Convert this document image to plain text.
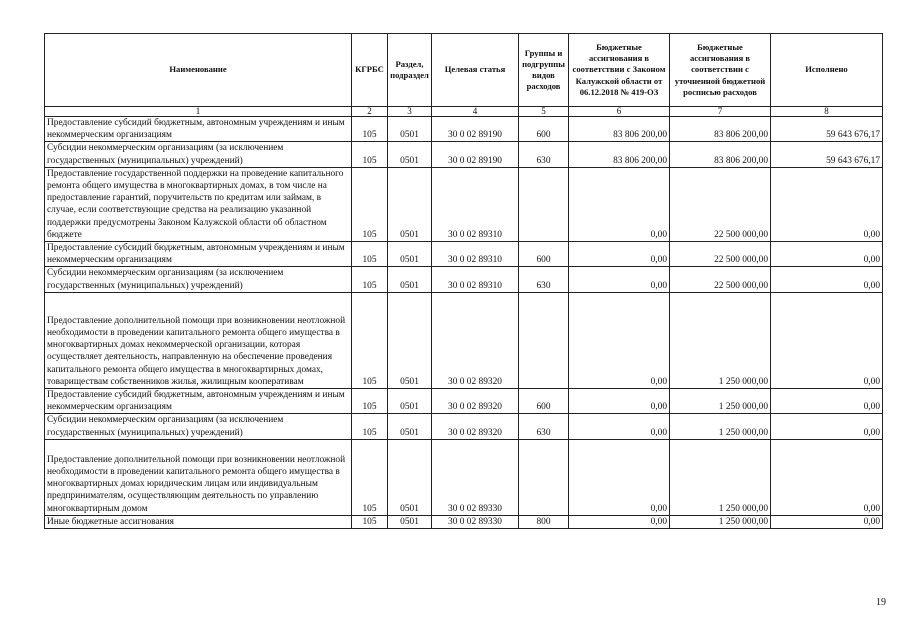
Наименование	КГРБС	Раздел, подраздел	Целевая статья	Группы и подгруппы видов расходов	Бюджетные ассигнования в соответствии с Законом Калужской области от 06.12.2018 № 419-ОЗ	Бюджетные ассигнования в соответствии с уточненной бюджетной росписью расходов	Исполнено
1	2	3	4	5	6	7	8
Предоставление субсидий бюджетным, автономным учреждениям и иным некоммерческим организациям	105	0501	30 0 02 89190	600	83 806 200,00	83 806 200,00	59 643 676,17
Субсидии некоммерческим организациям (за исключением государственных (муниципальных) учреждений)	105	0501	30 0 02 89190	630	83 806 200,00	83 806 200,00	59 643 676,17
Предоставление государственной поддержки на проведение капитального ремонта общего имущества в многоквартирных домах, в том числе на предоставление гарантий, поручительств по кредитам или займам, в случае, если соответствующие средства на реализацию указанной поддержки предусмотрены Законом Калужской области об областном бюджете	105	0501	30 0 02 89310		0,00	22 500 000,00	0,00
Предоставление субсидий бюджетным, автономным учреждениям и иным некоммерческим организациям	105	0501	30 0 02 89310	600	0,00	22 500 000,00	0,00
Субсидии некоммерческим организациям (за исключением государственных (муниципальных) учреждений)	105	0501	30 0 02 89310	630	0,00	22 500 000,00	0,00
Предоставление дополнительной помощи при возникновении неотложной необходимости в проведении капитального ремонта общего имущества в многоквартирных домах некоммерческой организации, которая осуществляет деятельность, направленную на обеспечение проведения капитального ремонта общего имущества в многоквартирных домах, товариществам собственников жилья, жилищным кооперативам	105	0501	30 0 02 89320		0,00	1 250 000,00	0,00
Предоставление субсидий бюджетным, автономным учреждениям и иным некоммерческим организациям	105	0501	30 0 02 89320	600	0,00	1 250 000,00	0,00
Субсидии некоммерческим организациям (за исключением государственных (муниципальных) учреждений)	105	0501	30 0 02 89320	630	0,00	1 250 000,00	0,00
Предоставление дополнительной помощи при возникновении неотложной необходимости в проведении капитального ремонта общего имущества в многоквартирных домах юридическим лицам или индивидуальным предпринимателям, осуществляющим деятельность по управлению многоквартирным домом	105	0501	30 0 02 89330		0,00	1 250 000,00	0,00
Иные бюджетные ассигнования	105	0501	30 0 02 89330	800	0,00	1 250 000,00	0,00
19
